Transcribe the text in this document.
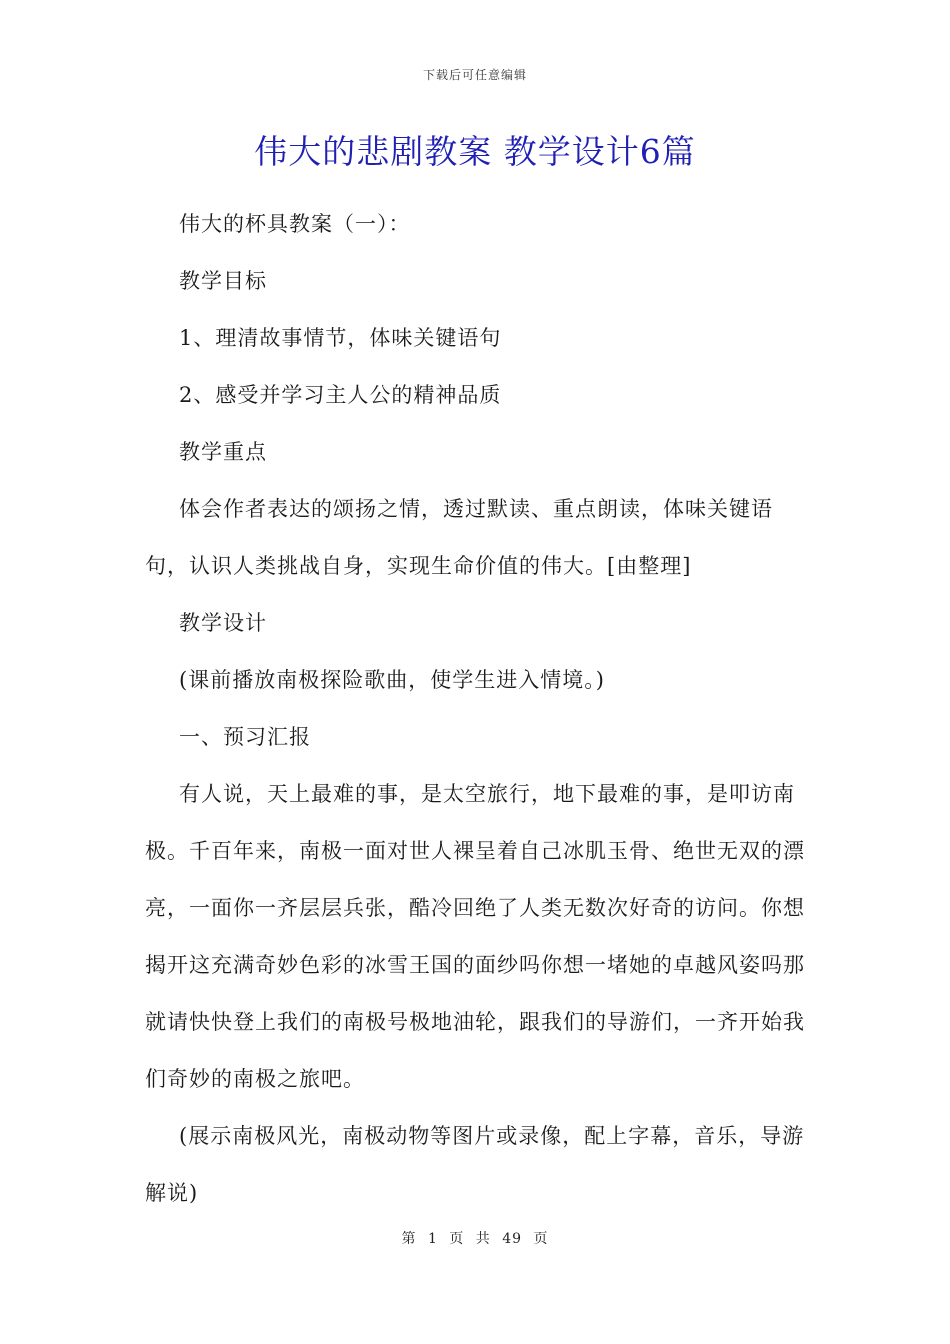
下载后可任意编辑
伟大的悲剧教案 教学设计6篇

伟大的杯具教案（一）：

教学目标

1、理清故事情节，体味关键语句

2、感受并学习主人公的精神品质

教学重点

体会作者表达的颂扬之情，透过默读、重点朗读，体味关键语句，认识人类挑战自身，实现生命价值的伟大。[由整理]

教学设计

(课前播放南极探险歌曲，使学生进入情境。)

一、预习汇报

有人说，天上最难的事，是太空旅行，地下最难的事，是叩访南极。千百年来，南极一面对世人裸呈着自己冰肌玉骨、绝世无双的漂亮，一面你一齐层层兵张，酷冷回绝了人类无数次好奇的访问。你想揭开这充满奇妙色彩的冰雪王国的面纱吗你想一堵她的卓越风姿吗那就请快快登上我们的南极号极地油轮，跟我们的导游们，一齐开始我们奇妙的南极之旅吧。

(展示南极风光，南极动物等图片或录像，配上字幕，音乐，导游解说)

第 1 页 共 49 页
